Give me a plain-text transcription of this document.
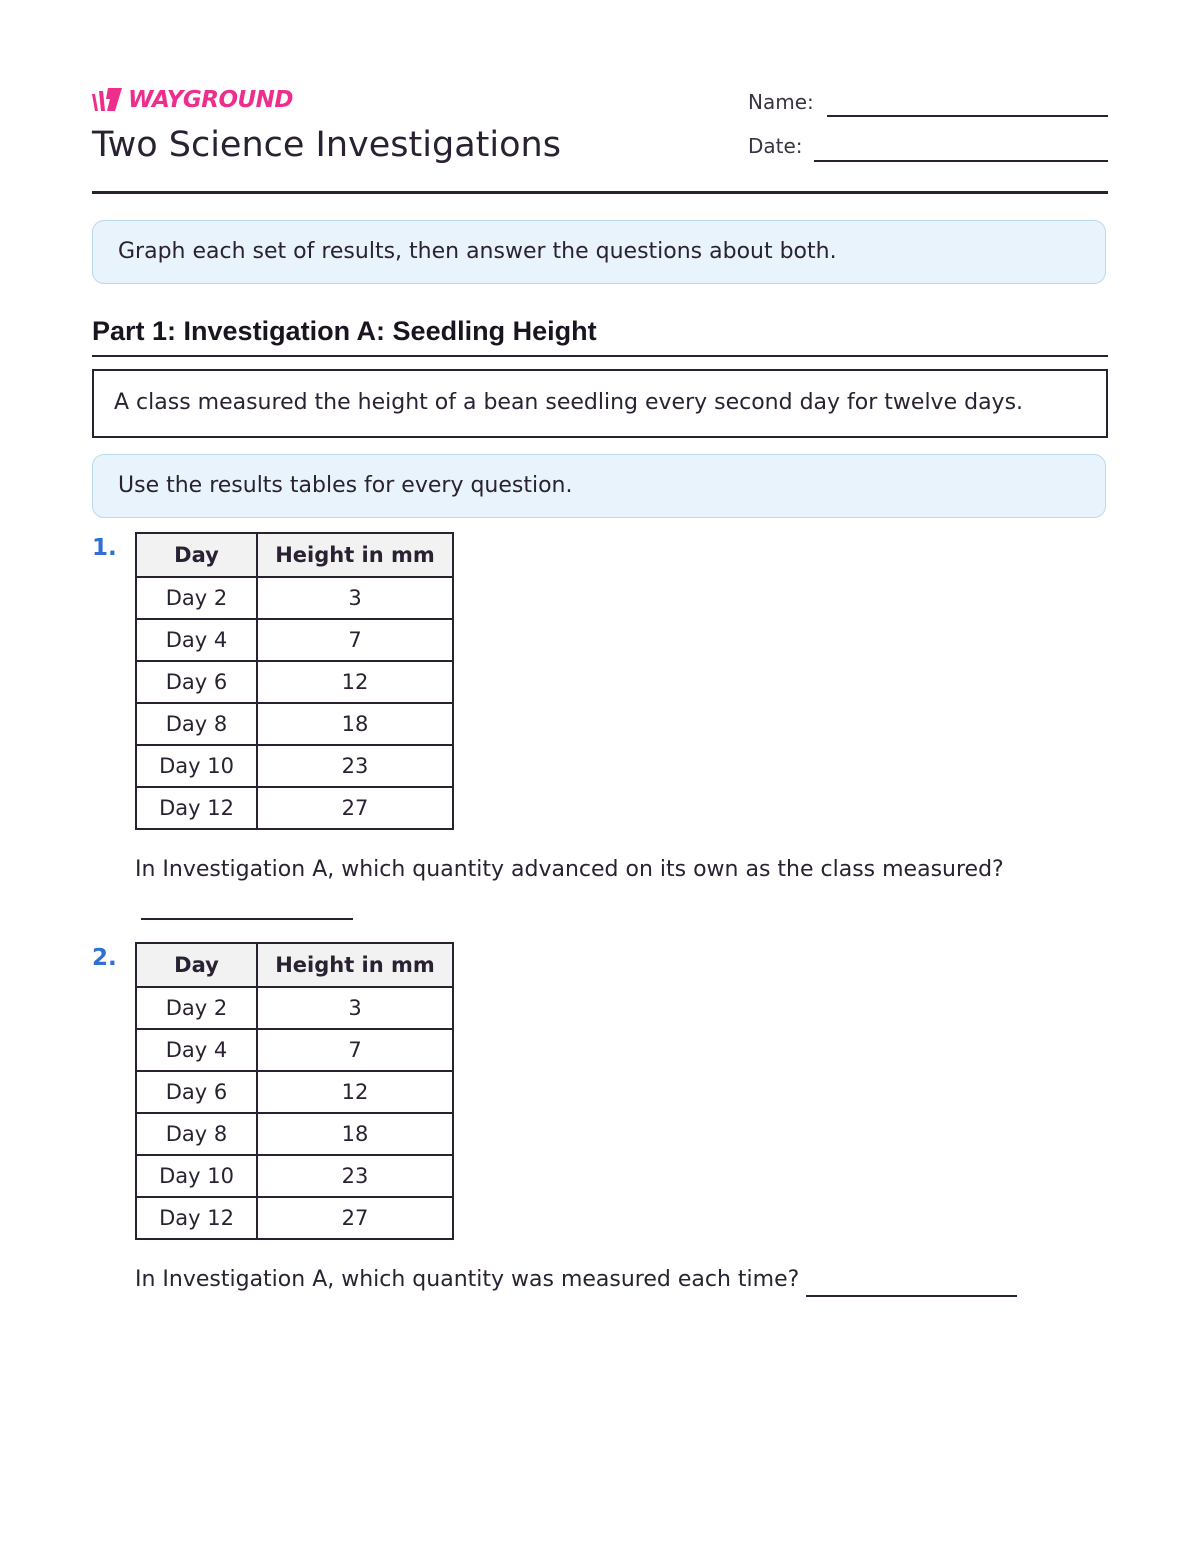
WAYGROUND
Two Science Investigations
Name:
Date:
Graph each set of results, then answer the questions about both.
Part 1: Investigation A: Seedling Height
A class measured the height of a bean seedling every second day for twelve days.
Use the results tables for every question.
1.	Day	Height in mm
Day 2	3
Day 4	7
Day 6	12
Day 8	18
Day 10	23
Day 12	27
In Investigation A, which quantity advanced on its own as the class measured?
2.	Day	Height in mm
Day 2	3
Day 4	7
Day 6	12
Day 8	18
Day 10	23
Day 12	27
In Investigation A, which quantity was measured each time?
